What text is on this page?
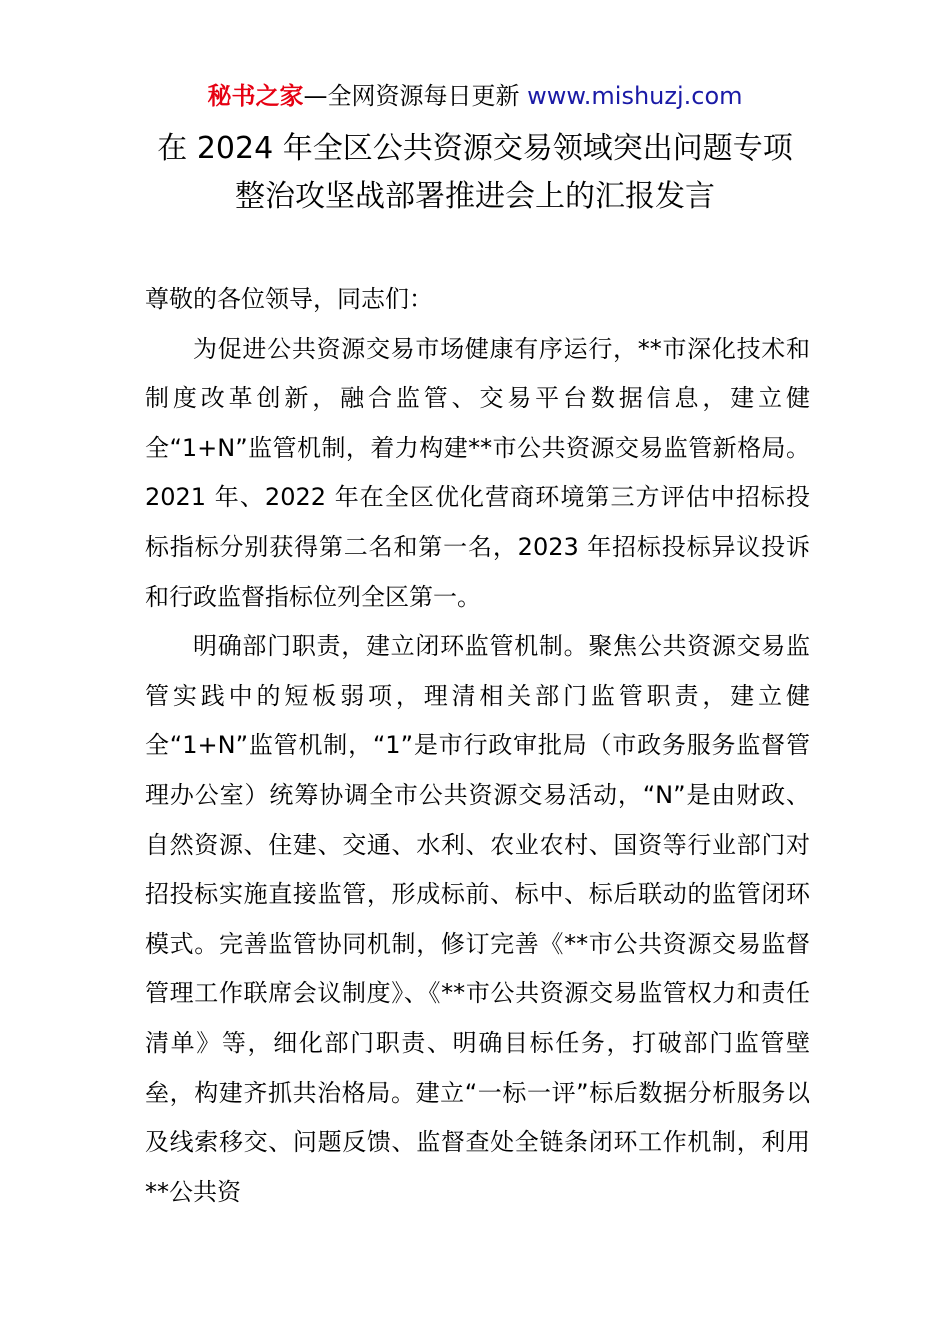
秘书之家—全网资源每日更新 www.mishuzj.com
在 2024 年全区公共资源交易领域突出问题专项
整治攻坚战部署推进会上的汇报发言

尊敬的各位领导，同志们：

为促进公共资源交易市场健康有序运行，**市深化技术和制度改革创新，融合监管、交易平台数据信息，建立健全“1+N”监管机制，着力构建**市公共资源交易监管新格局。2021 年、2022 年在全区优化营商环境第三方评估中招标投标指标分别获得第二名和第一名，2023 年招标投标异议投诉和行政监督指标位列全区第一。

明确部门职责，建立闭环监管机制。聚焦公共资源交易监管实践中的短板弱项，理清相关部门监管职责，建立健全“1+N”监管机制，“1”是市行政审批局（市政务服务监督管理办公室）统筹协调全市公共资源交易活动，“N”是由财政、自然资源、住建、交通、水利、农业农村、国资等行业部门对招投标实施直接监管，形成标前、标中、标后联动的监管闭环模式。完善监管协同机制，修订完善《**市公共资源交易监督管理工作联席会议制度》、《**市公共资源交易监管权力和责任清单》等，细化部门职责、明确目标任务，打破部门监管壁垒，构建齐抓共治格局。建立“一标一评”标后数据分析服务以及线索移交、问题反馈、监督查处全链条闭环工作机制，利用**公共资
